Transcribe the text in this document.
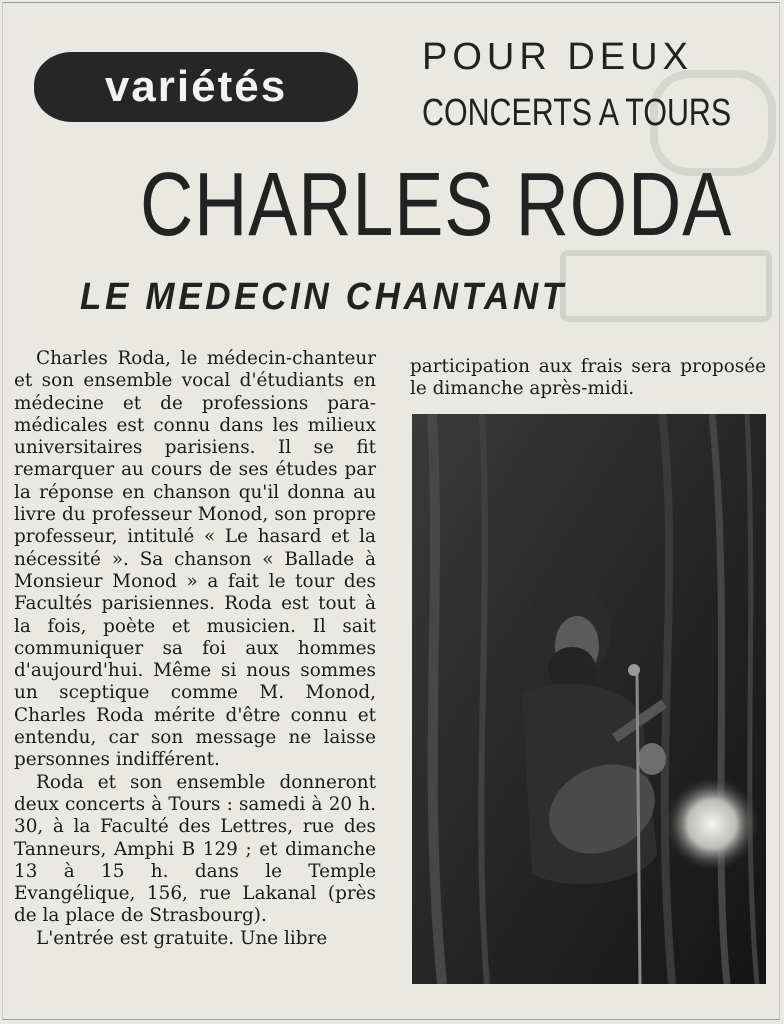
variétés
POUR DEUX
CONCERTS A TOURS
CHARLES RODA
LE MEDECIN CHANTANT

Charles Roda, le médecin-chanteur et son ensemble vocal d'étudiants en médecine et de professions para-médicales est connu dans les milieux universitaires parisiens. Il se fit remarquer au cours de ses études par la réponse en chanson qu'il donna au livre du professeur Monod, son propre professeur, intitulé « Le hasard et la nécessité ». Sa chanson « Ballade à Monsieur Monod » a fait le tour des Facultés parisiennes. Roda est tout à la fois, poète et musicien. Il sait communiquer sa foi aux hommes d'aujourd'hui. Même si nous sommes un sceptique comme M. Monod, Charles Roda mérite d'être connu et entendu, car son message ne laisse personnes indifférent.

Roda et son ensemble donneront deux concerts à Tours : samedi à 20 h. 30, à la Faculté des Lettres, rue des Tanneurs, Amphi B 129 ; et dimanche 13 à 15 h. dans le Temple Evangélique, 156, rue Lakanal (près de la place de Strasbourg).

L'entrée est gratuite. Une libre

participation aux frais sera proposée le dimanche après-midi.
